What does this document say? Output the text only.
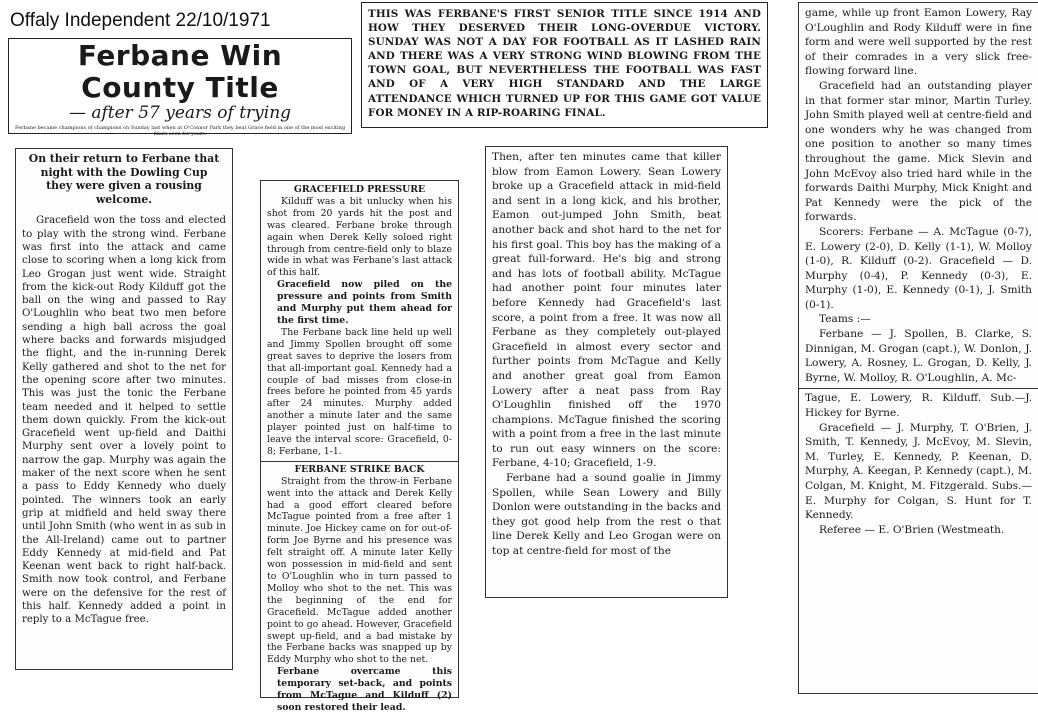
Offaly Independent 22/10/1971
Ferbane Win
County Title
— after 57 years of trying
Ferbane became champions of champions on Sunday last when at O'Connor Park they beat Grace field in one of the most exciting finals seen for years.

THIS WAS FERBANE'S FIRST SENIOR TITLE SINCE 1914 AND HOW THEY DESERVED THEIR LONG-OVERDUE VICTORY. SUNDAY WAS NOT A DAY FOR FOOTBALL AS IT LASHED RAIN AND THERE WAS A VERY STRONG WIND BLOWING FROM THE TOWN GOAL, BUT NEVERTHELESS THE FOOTBALL WAS FAST AND OF A VERY HIGH STANDARD AND THE LARGE ATTENDANCE WHICH TURNED UP FOR THIS GAME GOT VALUE FOR MONEY IN A RIP-ROARING FINAL.

On their return to Ferbane that night with the Dowling Cup they were given a rousing welcome.

Gracefield won the toss and elected to play with the strong wind. Ferbane was first into the attack and came close to scoring when a long kick from Leo Grogan just went wide. Straight from the kick-out Rody Kilduff got the ball on the wing and passed to Ray O'Loughlin who beat two men before sending a high ball across the goal where backs and forwards misjudged the flight, and the in-running Derek Kelly gathered and shot to the net for the opening score after two minutes. This was just the tonic the Ferbane team needed and it helped to settle them down quickly. From the kick-out Gracefield went up-field and Daithi Murphy sent over a lovely point to narrow the gap. Murphy was again the maker of the next score when he sent a pass to Eddy Kennedy who duely pointed. The winners took an early grip at midfield and held sway there until John Smith (who went in as sub in the All-Ireland) came out to partner Eddy Kennedy at mid-field and Pat Keenan went back to right half-back. Smith now took control, and Ferbane were on the defensive for the rest of this half. Kennedy added a point in reply to a McTague free.

GRACEFIELD PRESSURE

Kilduff was a bit unlucky when his shot from 20 yards hit the post and was cleared. Ferbane broke through again when Derek Kelly soloed right through from centre-field only to blaze wide in what was Ferbane's last attack of this half.

Gracefield now piled on the pressure and points from Smith and Murphy put them ahead for the first time.

The Ferbane back line held up well and Jimmy Spollen brought off some great saves to deprive the losers from that all-important goal. Kennedy had a couple of bad misses from close-in frees before he pointed from 45 yards after 24 minutes. Murphy added another a minute later and the same player pointed just on half-time to leave the interval score: Gracefield, 0-8; Ferbane, 1-1.

FERBANE STRIKE BACK

Straight from the throw-in Ferbane went into the attack and Derek Kelly had a good effort cleared before McTague pointed from a free after 1 minute. Joe Hickey came on for out-of-form Joe Byrne and his presence was felt straight off. A minute later Kelly won possession in mid-field and sent to O'Loughlin who in turn passed to Molloy who shot to the net. This was the beginning of the end for Gracefield. McTague added another point to go ahead. However, Gracefield swept up-field, and a bad mistake by the Ferbane backs was snapped up by Eddy Murphy who shot to the net.

Ferbane overcame this temporary set-back, and points from McTague and Kilduff (2) soon restored their lead.

Then, after ten minutes came that killer blow from Eamon Lowery. Sean Lowery broke up a Gracefield attack in mid-field and sent in a long kick, and his brother, Eamon out-jumped John Smith, beat another back and shot hard to the net for his first goal. This boy has the making of a great full-forward. He's big and strong and has lots of football ability. McTague had another point four minutes later before Kennedy had Gracefield's last score, a point from a free. It was now all Ferbane as they completely out-played Gracefield in almost every sector and further points from McTague and Kelly and another great goal from Eamon Lowery after a neat pass from Ray O'Loughlin finished off the 1970 champions. McTague finished the scoring with a point from a free in the last minute to run out easy winners on the score: Ferbane, 4-10; Gracefield, 1-9.

Ferbane had a sound goalie in Jimmy Spollen, while Sean Lowery and Billy Donlon were outstanding in the backs and they got good help from the rest o that line Derek Kelly and Leo Grogan were on top at centre-field for most of the

game, while up front Eamon Lowery, Ray O'Loughlin and Rody Kilduff were in fine form and were well supported by the rest of their comrades in a very slick free-flowing forward line.

Gracefield had an outstanding player in that former star minor, Martin Turley. John Smith played well at centre-field and one wonders why he was changed from one position to another so many times throughout the game. Mick Slevin and John McEvoy also tried hard while in the forwards Daithi Murphy, Mick Knight and Pat Kennedy were the pick of the forwards.

Scorers: Ferbane — A. McTague (0-7), E. Lowery (2-0), D. Kelly (1-1), W. Molloy (1-0), R. Kilduff (0-2). Gracefield — D. Murphy (0-4), P. Kennedy (0-3), E. Murphy (1-0), E. Kennedy (0-1), J. Smith (0-1).

Teams :—

Ferbane — J. Spollen, B. Clarke, S. Dinnigan, M. Grogan (capt.), W. Donlon, J. Lowery, A. Rosney, L. Grogan, D. Kelly, J. Byrne, W. Molloy, R. O'Loughlin, A. Mc-

Tague, E. Lowery, R. Kilduff. Sub.—J. Hickey for Byrne.

Gracefield — J. Murphy, T. O'Brien, J. Smith, T. Kennedy, J. McEvoy, M. Slevin, M. Turley, E. Kennedy, P. Keenan, D. Murphy, A. Keegan, P. Kennedy (capt.), M. Colgan, M. Knight, M. Fitzgerald. Subs.—E. Murphy for Colgan, S. Hunt for T. Kennedy.

Referee — E. O'Brien (Westmeath.
